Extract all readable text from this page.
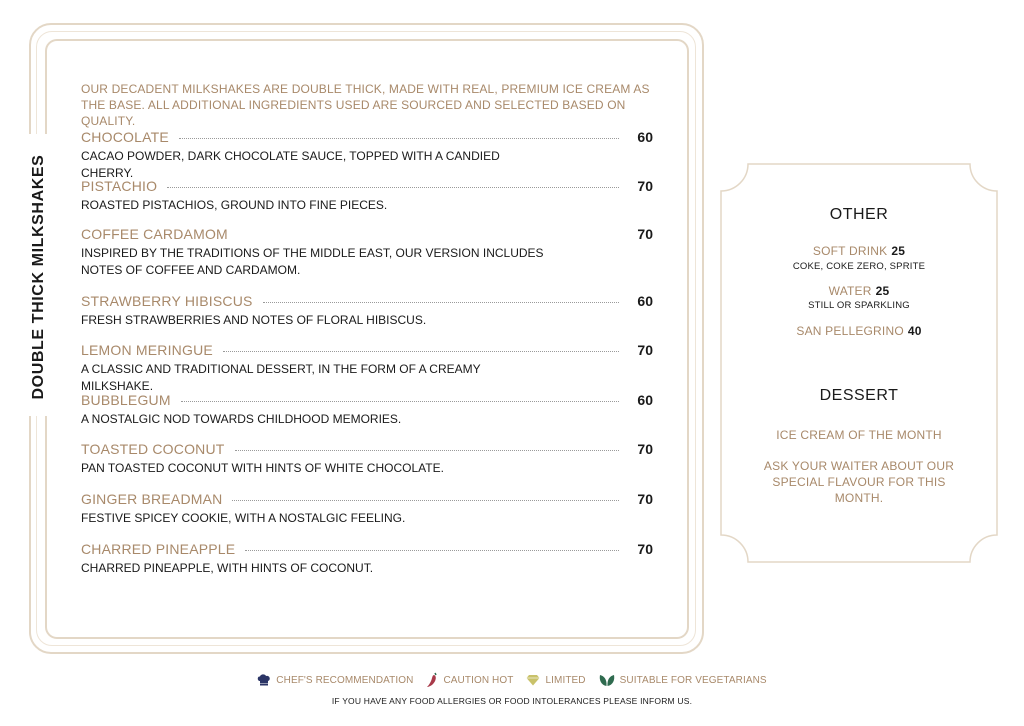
DOUBLE THICK MILKSHAKES
OUR DECADENT MILKSHAKES ARE DOUBLE THICK, MADE WITH REAL, PREMIUM ICE CREAM AS THE BASE. ALL ADDITIONAL INGREDIENTS USED ARE SOURCED AND SELECTED BASED ON QUALITY.
CHOCOLATE	60
CACAO POWDER, DARK CHOCOLATE SAUCE, TOPPED WITH A CANDIED CHERRY.
PISTACHIO	70
ROASTED PISTACHIOS, GROUND INTO FINE PIECES.
COFFEE CARDAMOM	70
INSPIRED BY THE TRADITIONS OF THE MIDDLE EAST, OUR VERSION INCLUDES NOTES OF COFFEE AND CARDAMOM.
STRAWBERRY HIBISCUS	60
FRESH STRAWBERRIES AND NOTES OF FLORAL HIBISCUS.
LEMON MERINGUE	70
A CLASSIC AND TRADITIONAL DESSERT, IN THE FORM OF A CREAMY MILKSHAKE.
BUBBLEGUM	60
A NOSTALGIC NOD TOWARDS CHILDHOOD MEMORIES.
TOASTED COCONUT	70
PAN TOASTED COCONUT WITH HINTS OF WHITE CHOCOLATE.
GINGER BREADMAN	70
FESTIVE SPICEY COOKIE, WITH A NOSTALGIC FEELING.
CHARRED PINEAPPLE	70
CHARRED PINEAPPLE, WITH HINTS OF COCONUT.
OTHER
SOFT DRINK 25
COKE, COKE ZERO, SPRITE
WATER 25
STILL OR SPARKLING
SAN PELLEGRINO 40
DESSERT
ICE CREAM OF THE MONTH
ASK YOUR WAITER ABOUT OUR SPECIAL FLAVOUR FOR THIS MONTH.
CHEF'S RECOMMENDATION	CAUTION HOT	LIMITED	SUITABLE FOR VEGETARIANS
IF YOU HAVE ANY FOOD ALLERGIES OR FOOD INTOLERANCES PLEASE INFORM US.
